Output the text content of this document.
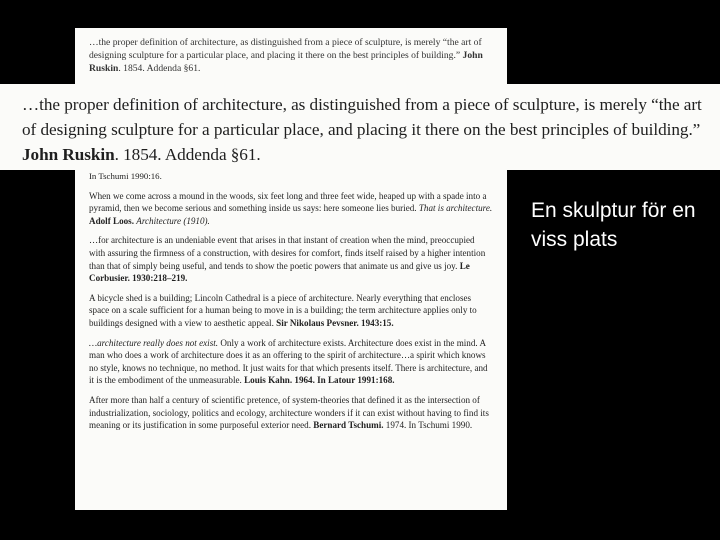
…the proper definition of architecture, as distinguished from a piece of sculpture, is merely “the art of designing sculpture for a particular place, and placing it there on the best principles of building.” John Ruskin. 1854. Addenda §61.

In Tschumi 1990:16.

When we come across a mound in the woods, six feet long and three feet wide, heaped up with a spade into a pyramid, then we become serious and something inside us says: here someone lies buried. That is architecture. Adolf Loos. Architecture (1910).

…for architecture is an undeniable event that arises in that instant of creation when the mind, preoccupied with assuring the firmness of a construction, with desires for comfort, finds itself raised by a higher intention than that of simply being useful, and tends to show the poetic powers that animate us and give us joy. Le Corbusier. 1930:218–219.

A bicycle shed is a building; Lincoln Cathedral is a piece of architecture. Nearly everything that encloses space on a scale sufficient for a human being to move in is a building; the term architecture applies only to buildings designed with a view to aesthetic appeal. Sir Nikolaus Pevsner. 1943:15.

…architecture really does not exist. Only a work of architecture exists. Architecture does exist in the mind. A man who does a work of architecture does it as an offering to the spirit of architecture…a spirit which knows no style, knows no technique, no method. It just waits for that which presents itself. There is architecture, and it is the embodiment of the unmeasurable. Louis Kahn. 1964. In Latour 1991:168.

After more than half a century of scientific pretence, of system-theories that defined it as the intersection of industrialization, sociology, politics and ecology, architecture wonders if it can exist without having to find its meaning or its justification in some purposeful exterior need. Bernard Tschumi. 1974. In Tschumi 1990.

…the proper definition of architecture, as distinguished from a piece of sculpture, is merely “the art of designing sculpture for a particular place, and placing it there on the best principles of building.” John Ruskin. 1854. Addenda §61.
En skulptur för en viss plats
